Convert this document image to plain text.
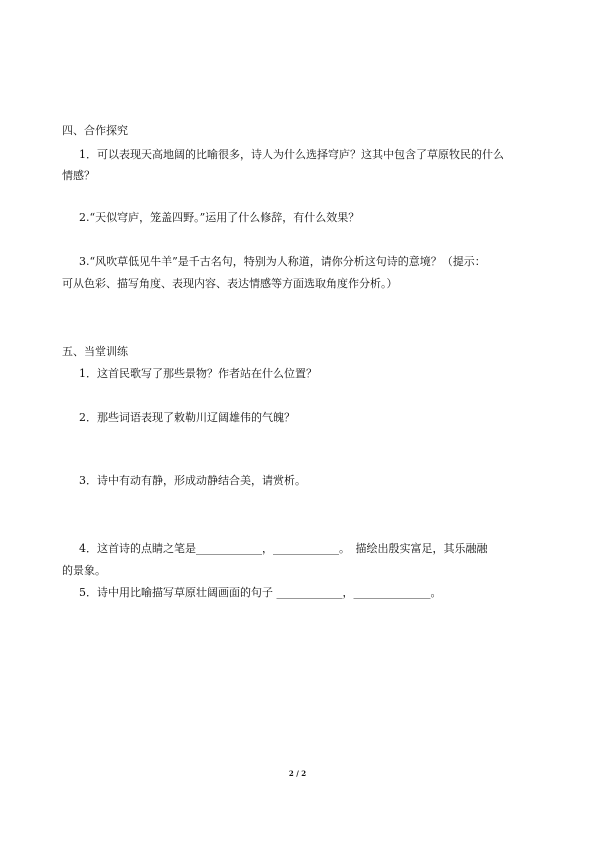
四、合作探究
1．可以表现天高地阔的比喻很多，诗人为什么选择穹庐？这其中包含了草原牧民的什么
情感？
2.“天似穹庐，笼盖四野。”运用了什么修辞，有什么效果？
3.“风吹草低见牛羊”是千古名句，特别为人称道，请你分析这句诗的意境？（提示：
可从色彩、描写角度、表现内容、表达情感等方面选取角度作分析。）
五、当堂训练
1．这首民歌写了那些景物？作者站在什么位置？
2．那些词语表现了敕勒川辽阔雄伟的气魄？
3．诗中有动有静，形成动静结合美，请赏析。
4．这首诗的点睛之笔是____________，____________。　描绘出殷实富足，其乐融融
的景象。
5．诗中用比喻描写草原壮阔画面的句子 ____________，______________。
2 / 2
